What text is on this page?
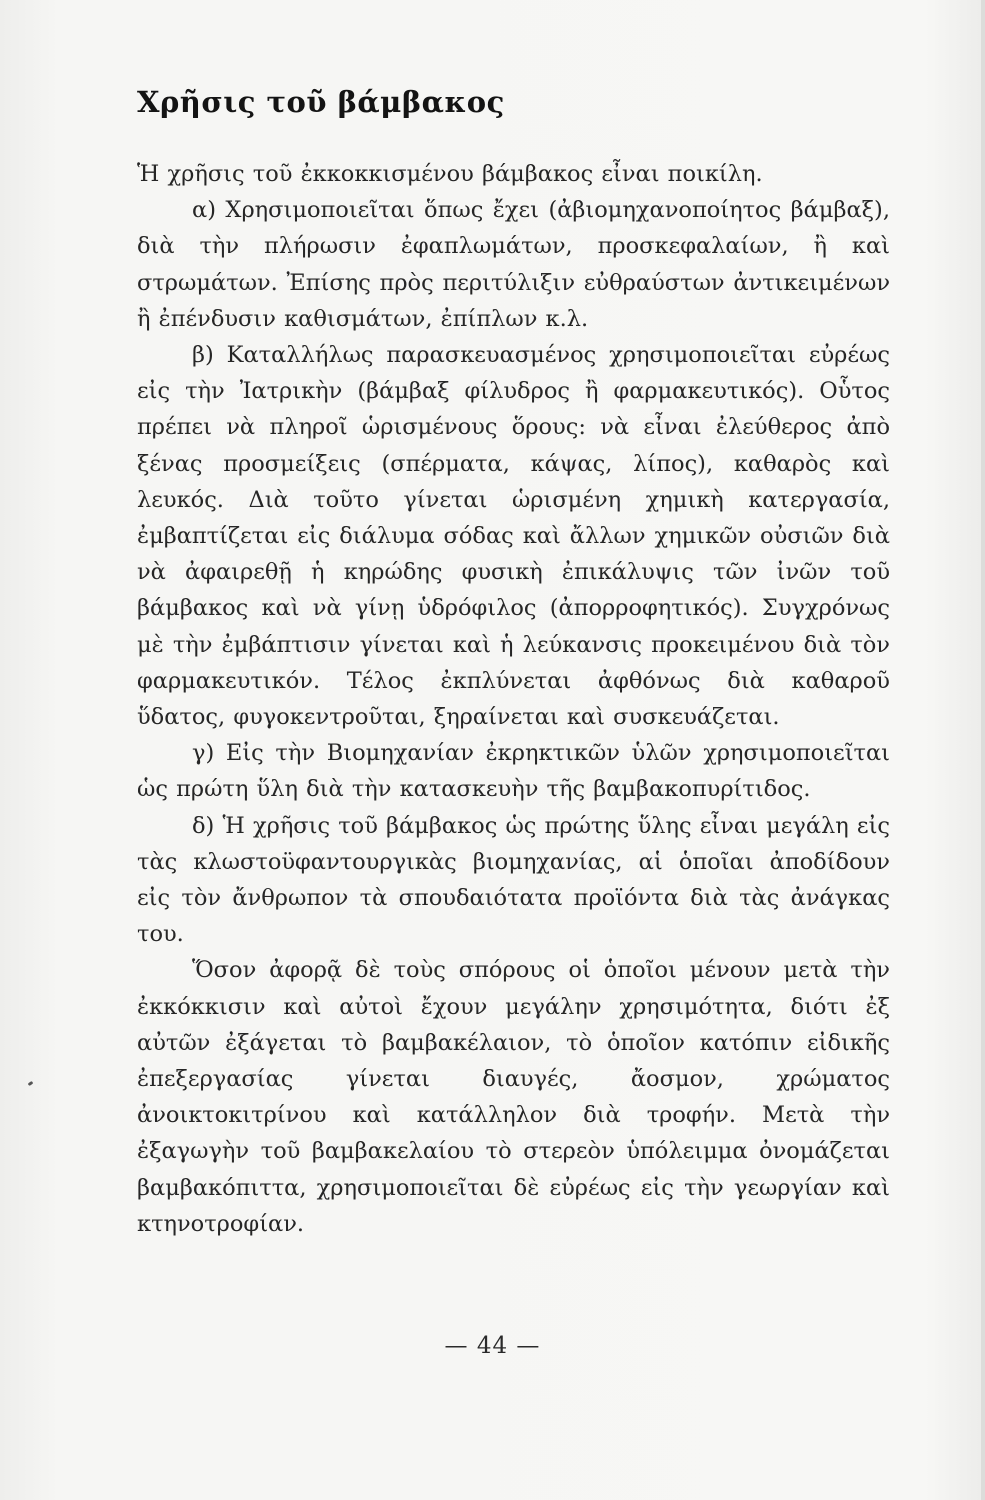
Χρῆσις τοῦ βάμβακος

Ἡ χρῆσις τοῦ ἐκκοκκισμένου βάμβακος εἶναι ποικίλη.

α) Χρησιμοποιεῖται ὅπως ἔχει (ἀβιομηχανοποίητος βάμβαξ), διὰ τὴν πλήρωσιν ἐφαπλωμάτων, προσκεφαλαίων, ἢ καὶ στρωμάτων. Ἐπίσης πρὸς περιτύλιξιν εὐθραύστων ἀντικειμένων ἢ ἐπένδυσιν καθισμάτων, ἐπίπλων κ.λ.

β) Καταλλήλως παρασκευασμένος χρησιμοποιεῖται εὐρέως εἰς τὴν Ἰατρικὴν (βάμβαξ φίλυδρος ἢ φαρμακευτικός). Οὗτος πρέπει νὰ πληροῖ ὡρισμένους ὅρους: νὰ εἶναι ἐλεύθερος ἀπὸ ξένας προσμείξεις (σπέρματα, κάψας, λίπος), καθαρὸς καὶ λευκός. Διὰ τοῦτο γίνεται ὡρισμένη χημικὴ κατεργασία, ἐμβαπτίζεται εἰς διάλυμα σόδας καὶ ἄλλων χημικῶν οὐσιῶν διὰ νὰ ἀφαιρεθῇ ἡ κηρώδης φυσικὴ ἐπικάλυψις τῶν ἰνῶν τοῦ βάμβακος καὶ νὰ γίνῃ ὑδρόφιλος (ἀπορροφητικός). Συγχρόνως μὲ τὴν ἐμβάπτισιν γίνεται καὶ ἡ λεύκανσις προκειμένου διὰ τὸν φαρμακευτικόν. Τέλος ἐκπλύνεται ἀφθόνως διὰ καθαροῦ ὕδατος, φυγοκεντροῦται, ξηραίνεται καὶ συσκευάζεται.

γ) Εἰς τὴν Βιομηχανίαν ἐκρηκτικῶν ὑλῶν χρησιμοποιεῖται ὡς πρώτη ὕλη διὰ τὴν κατασκευὴν τῆς βαμβακοπυρίτιδος.

δ) Ἡ χρῆσις τοῦ βάμβακος ὡς πρώτης ὕλης εἶναι μεγάλη εἰς τὰς κλωστοϋφαντουργικὰς βιομηχανίας, αἱ ὁποῖαι ἀποδίδουν εἰς τὸν ἄνθρωπον τὰ σπουδαιότατα προϊόντα διὰ τὰς ἀνάγκας του.

Ὅσον ἀφορᾷ δὲ τοὺς σπόρους οἱ ὁποῖοι μένουν μετὰ τὴν ἐκκόκκισιν καὶ αὐτοὶ ἔχουν μεγάλην χρησιμότητα, διότι ἐξ αὐτῶν ἐξάγεται τὸ βαμβακέλαιον, τὸ ὁποῖον κατόπιν εἰδικῆς ἐπεξεργασίας γίνεται διαυγές, ἄοσμον, χρώματος ἀνοικτοκιτρίνου καὶ κατάλληλον διὰ τροφήν. Μετὰ τὴν ἐξαγωγὴν τοῦ βαμβακελαίου τὸ στερεὸν ὑπόλειμμα ὀνομάζεται βαμβακόπιττα, χρησιμοποιεῖται δὲ εὐρέως εἰς τὴν γεωργίαν καὶ κτηνοτροφίαν.

— 44 —
